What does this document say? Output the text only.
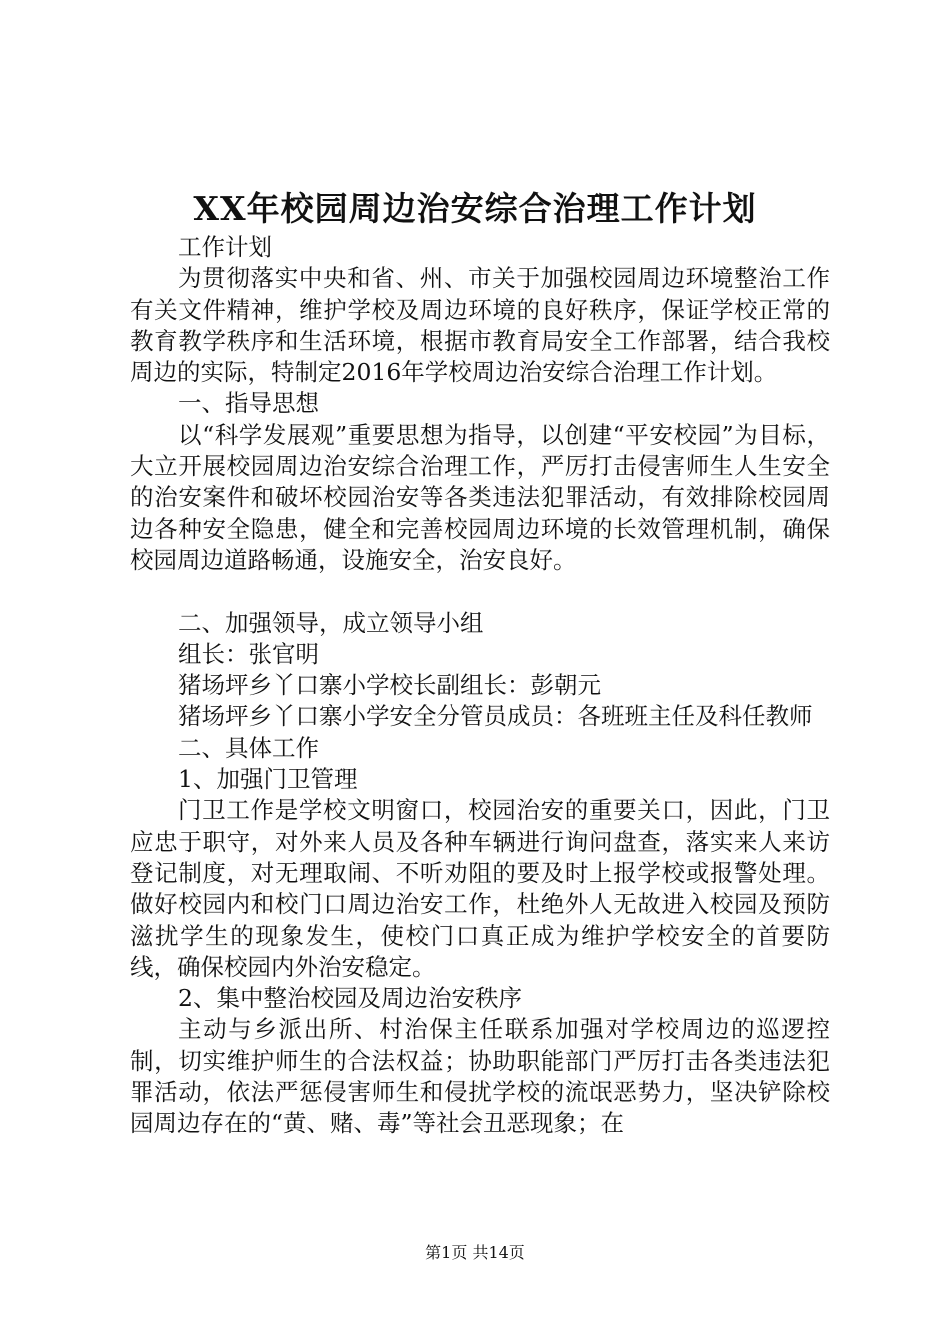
XX年校园周边治安综合治理工作计划

工作计划

为贯彻落实中央和省、州、市关于加强校园周边环境整治工作有关文件精神，维护学校及周边环境的良好秩序，保证学校正常的教育教学秩序和生活环境，根据市教育局安全工作部署，结合我校周边的实际，特制定2016年学校周边治安综合治理工作计划。

一、指导思想

以“科学发展观”重要思想为指导，以创建“平安校园”为目标，大立开展校园周边治安综合治理工作，严厉打击侵害师生人生安全的治安案件和破坏校园治安等各类违法犯罪活动，有效排除校园周边各种安全隐患，健全和完善校园周边环境的长效管理机制，确保校园周边道路畅通，设施安全，治安良好。

二、加强领导，成立领导小组

组长：张官明

猪场坪乡丫口寨小学校长副组长：彭朝元

猪场坪乡丫口寨小学安全分管员成员：各班班主任及科任教师

二、具体工作

1、加强门卫管理

门卫工作是学校文明窗口，校园治安的重要关口，因此，门卫应忠于职守，对外来人员及各种车辆进行询问盘查，落实来人来访登记制度，对无理取闹、不听劝阻的要及时上报学校或报警处理。做好校园内和校门口周边治安工作，杜绝外人无故进入校园及预防滋扰学生的现象发生，使校门口真正成为维护学校安全的首要防线，确保校园内外治安稳定。

2、集中整治校园及周边治安秩序

主动与乡派出所、村治保主任联系加强对学校周边的巡逻控制，切实维护师生的合法权益；协助职能部门严厉打击各类违法犯罪活动，依法严惩侵害师生和侵扰学校的流氓恶势力，坚决铲除校园周边存在的“黄、赌、毒”等社会丑恶现象；在

第1页 共14页
